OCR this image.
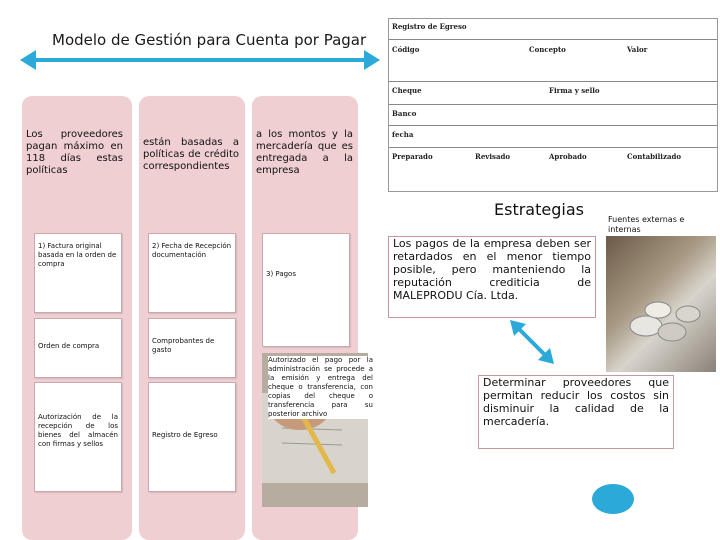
Modelo de Gestión para Cuenta por Pagar
Los proveedores pagan máximo en 118 días estas políticas
1) Factura original basada en la orden de compra
Orden de compra
Autorización de la recepción de los bienes del almacén con firmas y sellos
están basadas a políticas de crédito correspondientes
2) Fecha de Recepción documentación
Comprobantes de gasto
Registro de Egreso
a los montos y la mercadería que es entregada a la empresa
3) Pagos
Autorizado el pago por la administración se procede a la emisión y entrega del cheque o transferencia, con copias del cheque o transferencia para su posterior archivo
Registro de Egreso
Código	Concepto	Valor
Cheque	Firma y sello
Banco
fecha
Preparado	Revisado	Aprobado	Contabilizado
Estrategias
Fuentes externas e internas
Los pagos de la empresa deben ser retardados en el menor tiempo posible, pero manteniendo la reputación crediticia de MALEPRODU Cía. Ltda.
Determinar proveedores que permitan reducir los costos sin disminuir la calidad de la mercadería.
